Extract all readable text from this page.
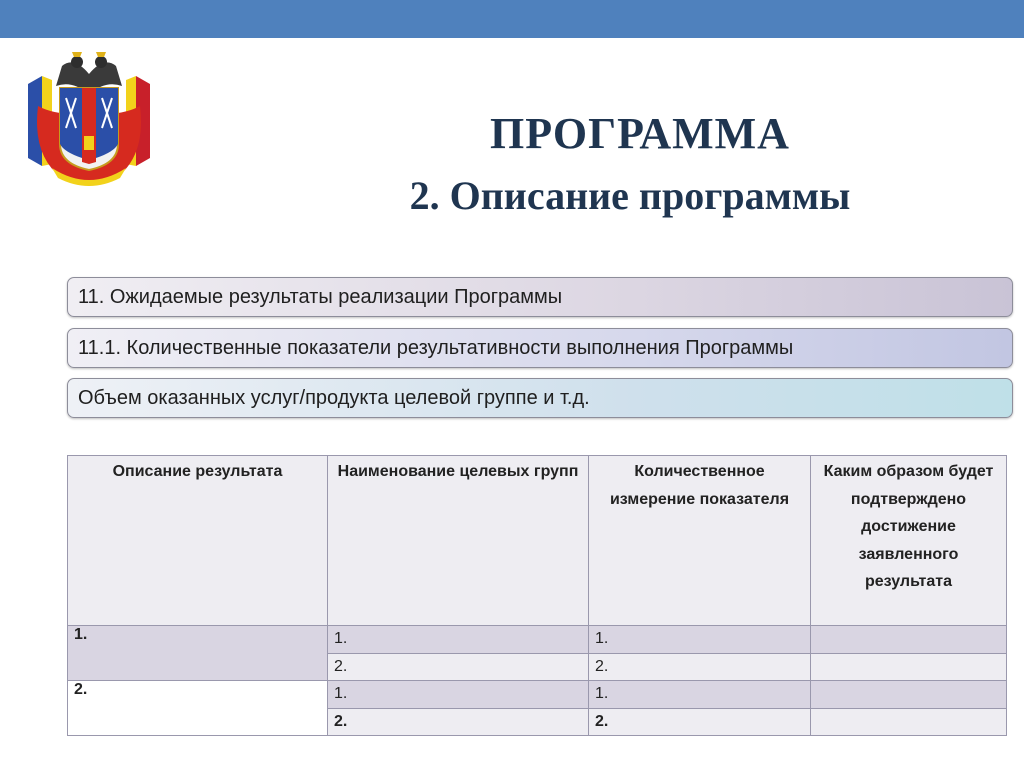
ПРОГРАММА
2. Описание программы
11. Ожидаемые результаты реализации Программы
11.1. Количественные показатели результативности выполнения Программы
Объем оказанных услуг/продукта целевой группе и т.д.
Описание результата	Наименование целевых групп	Количественное измерение показателя	Каким образом будет подтверждено достижение заявленного результата
1.	1.	1.	
	2.	2.	
2.	1.	1.	
	2.	2.	
